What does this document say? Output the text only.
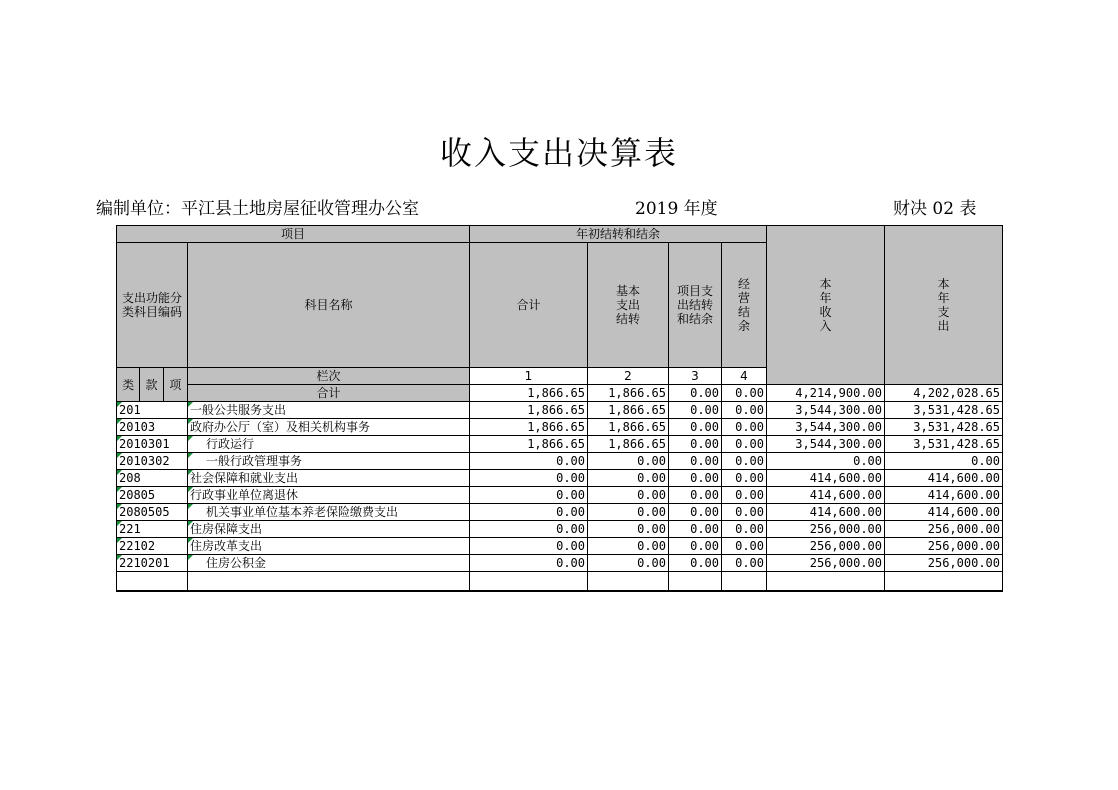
收入支出决算表
编制单位：平江县土地房屋征收管理办公室	2019 年度	财决 02 表
项目				年初结转和结余				本年收入	本年支出

支出功能分类科目编码			科目名称	合计	基本支出结转	项目支出结转和结余	经营结余		

类	款	项	栏次	1	2	3	4		
			合计	1,866.65	1,866.65	0.00	0.00	4,214,900.00	4,202,028.65

201			一般公共服务支出	1,866.65	1,866.65	0.00	0.00	3,544,300.00	3,531,428.65

20103			政府办公厅（室）及相关机构事务	1,866.65	1,866.65	0.00	0.00	3,544,300.00	3,531,428.65

2010301			行政运行	1,866.65	1,866.65	0.00	0.00	3,544,300.00	3,531,428.65

2010302			一般行政管理事务	0.00	0.00	0.00	0.00	0.00	0.00

208			社会保障和就业支出	0.00	0.00	0.00	0.00	414,600.00	414,600.00

20805			行政事业单位离退休	0.00	0.00	0.00	0.00	414,600.00	414,600.00

2080505			机关事业单位基本养老保险缴费支出	0.00	0.00	0.00	0.00	414,600.00	414,600.00

221			住房保障支出	0.00	0.00	0.00	0.00	256,000.00	256,000.00

22102			住房改革支出	0.00	0.00	0.00	0.00	256,000.00	256,000.00

2210201			住房公积金	0.00	0.00	0.00	0.00	256,000.00	256,000.00
